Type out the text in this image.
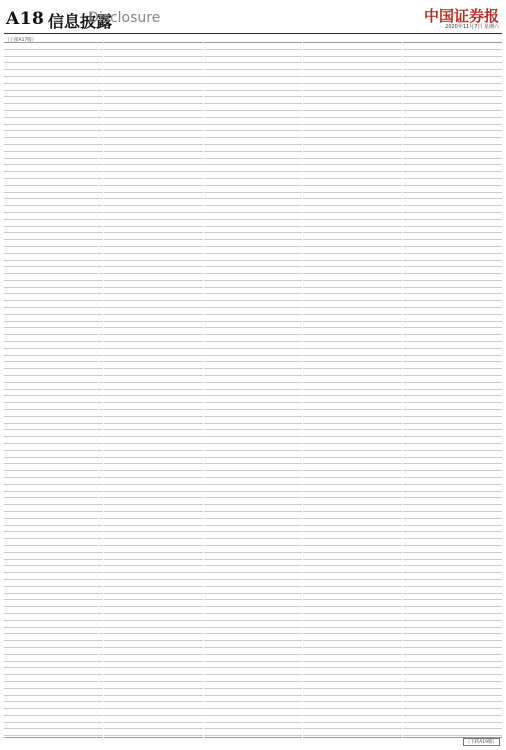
A18 信息披露
Disclosure	中国证券报
2020年11月7日 星期六
（上接A17版）
（下转A19版）
